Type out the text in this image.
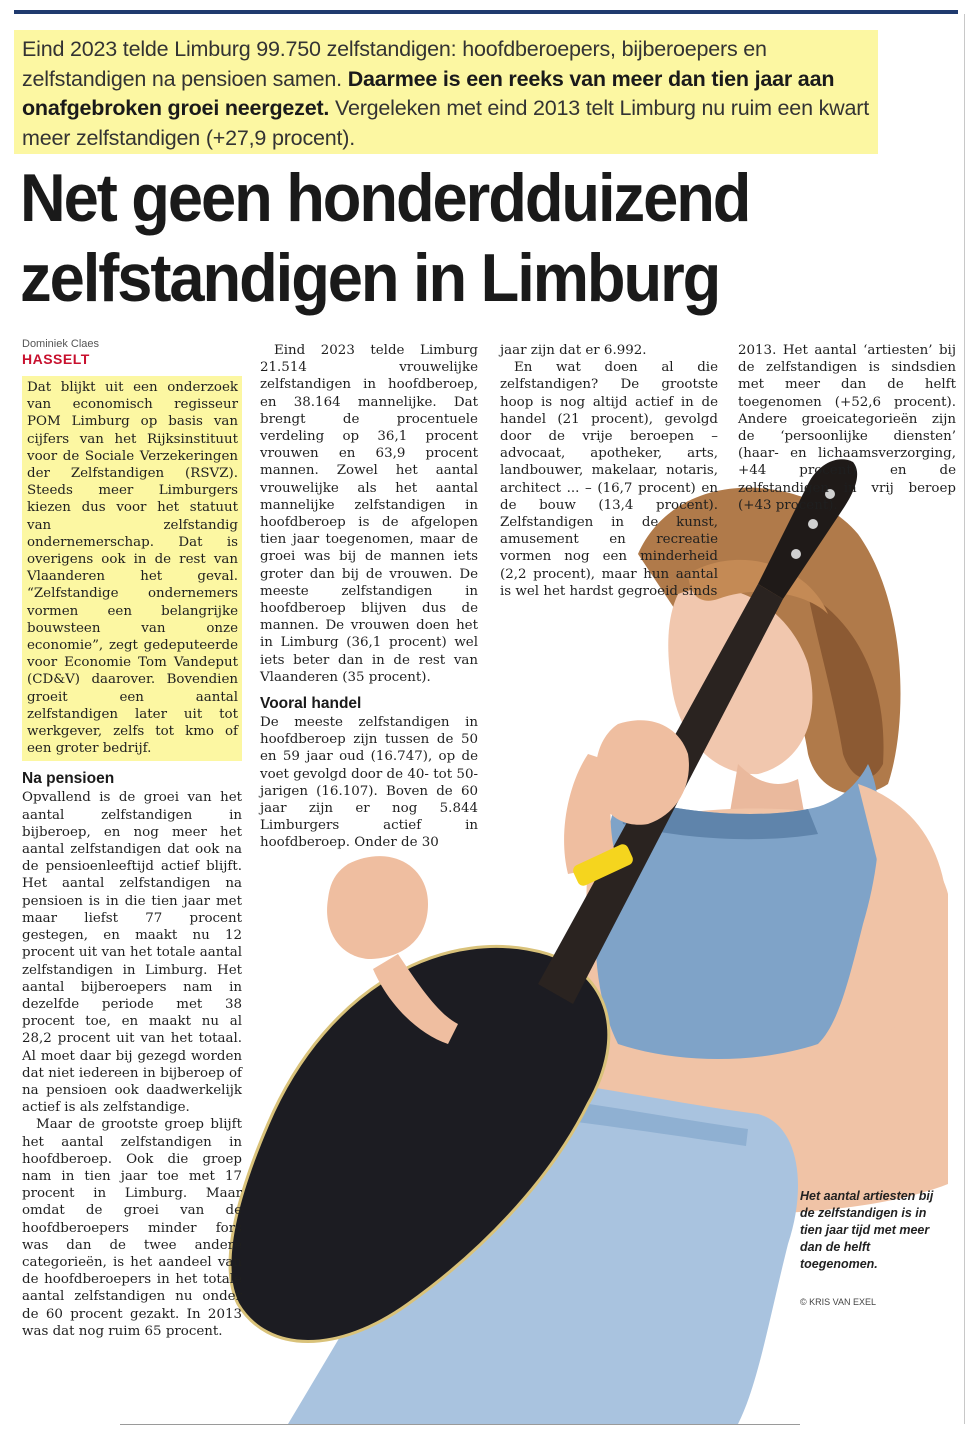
Eind 2023 telde Limburg 99.750 zelfstandigen: hoofdberoepers, bijberoepers en zelfstandigen na pensioen samen. Daarmee is een reeks van meer dan tien jaar aan onafgebroken groei neergezet. Vergeleken met eind 2013 telt Limburg nu ruim een kwart meer zelfstandigen (+27,9 procent).
Net geen honderdduizend
zelfstandigen in Limburg
Dominiek Claes
HASSELT

Dat blijkt uit een onderzoek van economisch regisseur POM Limburg op basis van cijfers van het Rijksinstituut voor de Sociale Verzekeringen der Zelfstandigen (RSVZ). Steeds meer Limburgers kiezen dus voor het statuut van zelfstandig ondernemerschap. Dat is overigens ook in de rest van Vlaanderen het geval. “Zelfstandige ondernemers vormen een belangrijke bouwsteen van onze economie”, zegt gedeputeerde voor Economie Tom Vandeput (CD&V) daarover. Bovendien groeit een aantal zelfstandigen later uit tot werkgever, zelfs tot kmo of een groter bedrijf.

Na pensioen

Opvallend is de groei van het aantal zelfstandigen in bijberoep, en nog meer het aantal zelfstandigen dat ook na de pensioenleeftijd actief blijft. Het aantal zelfstandigen na pensioen is in die tien jaar met maar liefst 77 procent gestegen, en maakt nu 12 procent uit van het totale aantal zelfstandigen in Limburg. Het aantal bijberoepers nam in dezelfde periode met 38 procent toe, en maakt nu al 28,2 procent uit van het totaal. Al moet daar bij gezegd worden dat niet iedereen in bijberoep of na pensioen ook daadwerkelijk actief is als zelfstandige.

Maar de grootste groep blijft het aantal zelfstandigen in hoofdberoep. Ook die groep nam in tien jaar toe met 17 procent in Limburg. Maar omdat de groei van de hoofdberoepers minder fors was dan de twee andere categorieën, is het aandeel van de hoofdberoepers in het totale aantal zelfstandigen nu onder de 60 procent gezakt. In 2013 was dat nog ruim 65 procent.

Eind 2023 telde Limburg 21.514 vrouwelijke zelfstandigen in hoofdberoep, en 38.164 mannelijke. Dat brengt de procentuele verdeling op 36,1 procent vrouwen en 63,9 procent mannen. Zowel het aantal vrouwelijke als het aantal mannelijke zelfstandigen in hoofdberoep is de afgelopen tien jaar toegenomen, maar de groei was bij de mannen iets groter dan bij de vrouwen. De meeste zelfstandigen in hoofdberoep blijven dus de mannen. De vrouwen doen het in Limburg (36,1 procent) wel iets beter dan in de rest van Vlaanderen (35 procent).

Vooral handel

De meeste zelfstandigen in hoofdberoep zijn tussen de 50 en 59 jaar oud (16.747), op de voet gevolgd door de 40- tot 50-jarigen (16.107). Boven de 60 jaar zijn er nog 5.844 Limburgers actief in hoofdberoep. Onder de 30

jaar zijn dat er 6.992.

En wat doen al die zelfstandigen? De grootste hoop is nog altijd actief in de handel (21 procent), gevolgd door de vrije beroepen – advocaat, apotheker, arts, landbouwer, makelaar, notaris, architect ... – (16,7 procent) en de bouw (13,4 procent). Zelfstandigen in de kunst, amusement en recreatie vormen nog een minderheid (2,2 procent), maar hun aantal is wel het hardst gegroeid sinds

2013. Het aantal ‘artiesten’ bij de zelfstandigen is sindsdien met meer dan de helft toegenomen (+52,6 procent). Andere groeicategorieën zijn de ‘persoonlijke diensten’ (haar- en lichaamsverzorging, +44 procent) en de zelfstandigen in vrij beroep (+43 procent).

Het aantal artiesten bij de zelfstandigen is in tien jaar tijd met meer dan de helft toegenomen.
© KRIS VAN EXEL
